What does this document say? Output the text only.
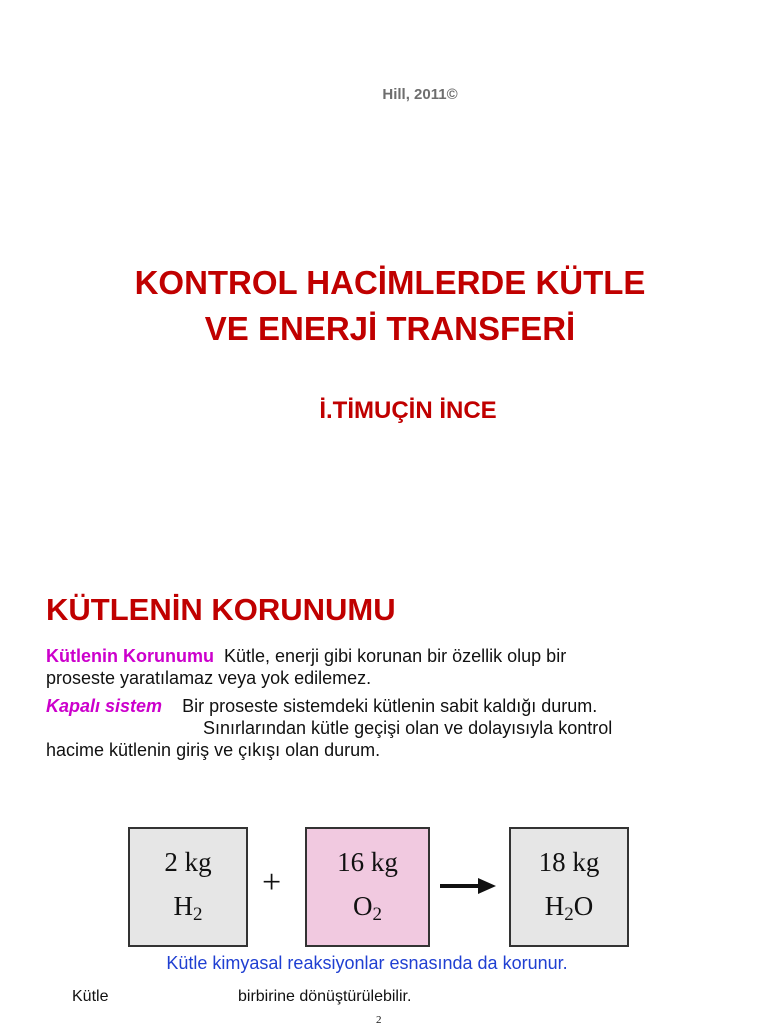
Hill, 2011©
KONTROL HACİMLERDE KÜTLE
VE ENERJİ TRANSFERİ
İ.TİMUÇİN İNCE
KÜTLENİN KORUNUMU
Kütlenin Korunumu Kütle, enerji gibi korunan bir özellik olup bir
proseste yaratılamaz veya yok edilemez.
Kapalı sistem Bir proseste sistemdeki kütlenin sabit kaldığı durum.
Sınırlarından kütle geçişi olan ve dolayısıyla kontrol
hacime kütlenin giriş ve çıkışı olan durum.
2 kg
$H_2$
+
16 kg
$O_2$
18 kg
$H_2O$
Kütle kimyasal reaksiyonlar esnasında da korunur.
Kütle	birbirine dönüştürülebilir.
2
